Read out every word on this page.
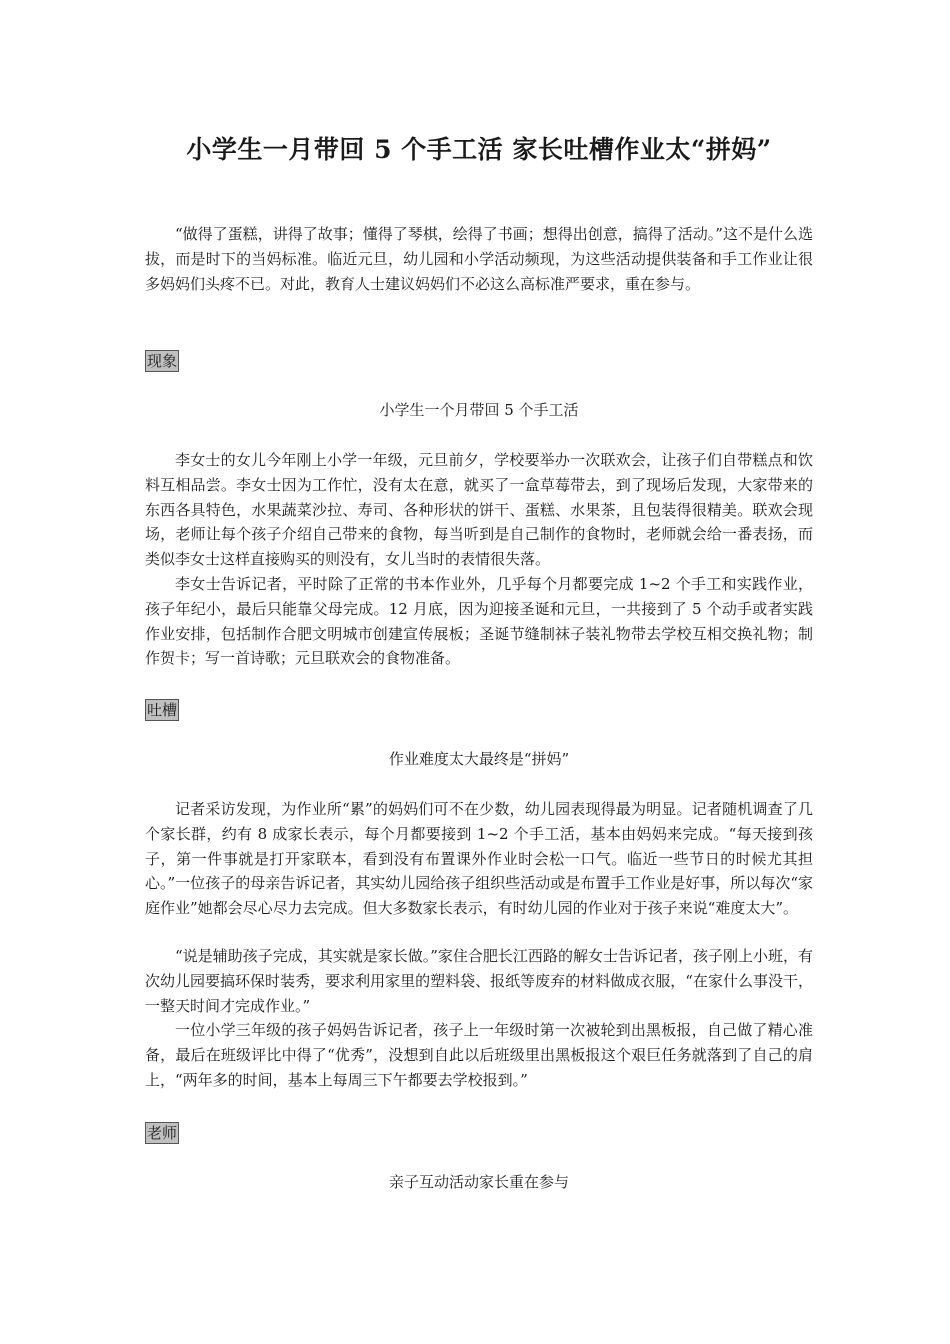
小学生一月带回 5 个手工活 家长吐槽作业太“拼妈”

“做得了蛋糕，讲得了故事；懂得了琴棋，绘得了书画；想得出创意，搞得了活动。”这不是什么选拔，而是时下的当妈标准。临近元旦，幼儿园和小学活动频现，为这些活动提供装备和手工作业让很多妈妈们头疼不已。对此，教育人士建议妈妈们不必这么高标准严要求，重在参与。

现象
小学生一个月带回 5 个手工活

李女士的女儿今年刚上小学一年级，元旦前夕，学校要举办一次联欢会，让孩子们自带糕点和饮料互相品尝。李女士因为工作忙，没有太在意，就买了一盒草莓带去，到了现场后发现，大家带来的东西各具特色，水果蔬菜沙拉、寿司、各种形状的饼干、蛋糕、水果茶，且包装得很精美。联欢会现场，老师让每个孩子介绍自己带来的食物，每当听到是自己制作的食物时，老师就会给一番表扬，而类似李女士这样直接购买的则没有，女儿当时的表情很失落。

李女士告诉记者，平时除了正常的书本作业外，几乎每个月都要完成 1~2 个手工和实践作业，孩子年纪小，最后只能靠父母完成。12 月底，因为迎接圣诞和元旦，一共接到了 5 个动手或者实践作业安排，包括制作合肥文明城市创建宣传展板；圣诞节缝制袜子装礼物带去学校互相交换礼物；制作贺卡；写一首诗歌；元旦联欢会的食物准备。

吐槽
作业难度太大最终是“拼妈”

记者采访发现，为作业所“累”的妈妈们可不在少数，幼儿园表现得最为明显。记者随机调查了几个家长群，约有 8 成家长表示，每个月都要接到 1~2 个手工活，基本由妈妈来完成。“每天接到孩子，第一件事就是打开家联本，看到没有布置课外作业时会松一口气。临近一些节日的时候尤其担心。”一位孩子的母亲告诉记者，其实幼儿园给孩子组织些活动或是布置手工作业是好事，所以每次“家庭作业”她都会尽心尽力去完成。但大多数家长表示，有时幼儿园的作业对于孩子来说“难度太大”。

“说是辅助孩子完成，其实就是家长做。”家住合肥长江西路的解女士告诉记者，孩子刚上小班，有次幼儿园要搞环保时装秀，要求利用家里的塑料袋、报纸等废弃的材料做成衣服，“在家什么事没干，一整天时间才完成作业。”

一位小学三年级的孩子妈妈告诉记者，孩子上一年级时第一次被轮到出黑板报，自己做了精心准备，最后在班级评比中得了“优秀”，没想到自此以后班级里出黑板报这个艰巨任务就落到了自己的肩上，“两年多的时间，基本上每周三下午都要去学校报到。”

老师
亲子互动活动家长重在参与
